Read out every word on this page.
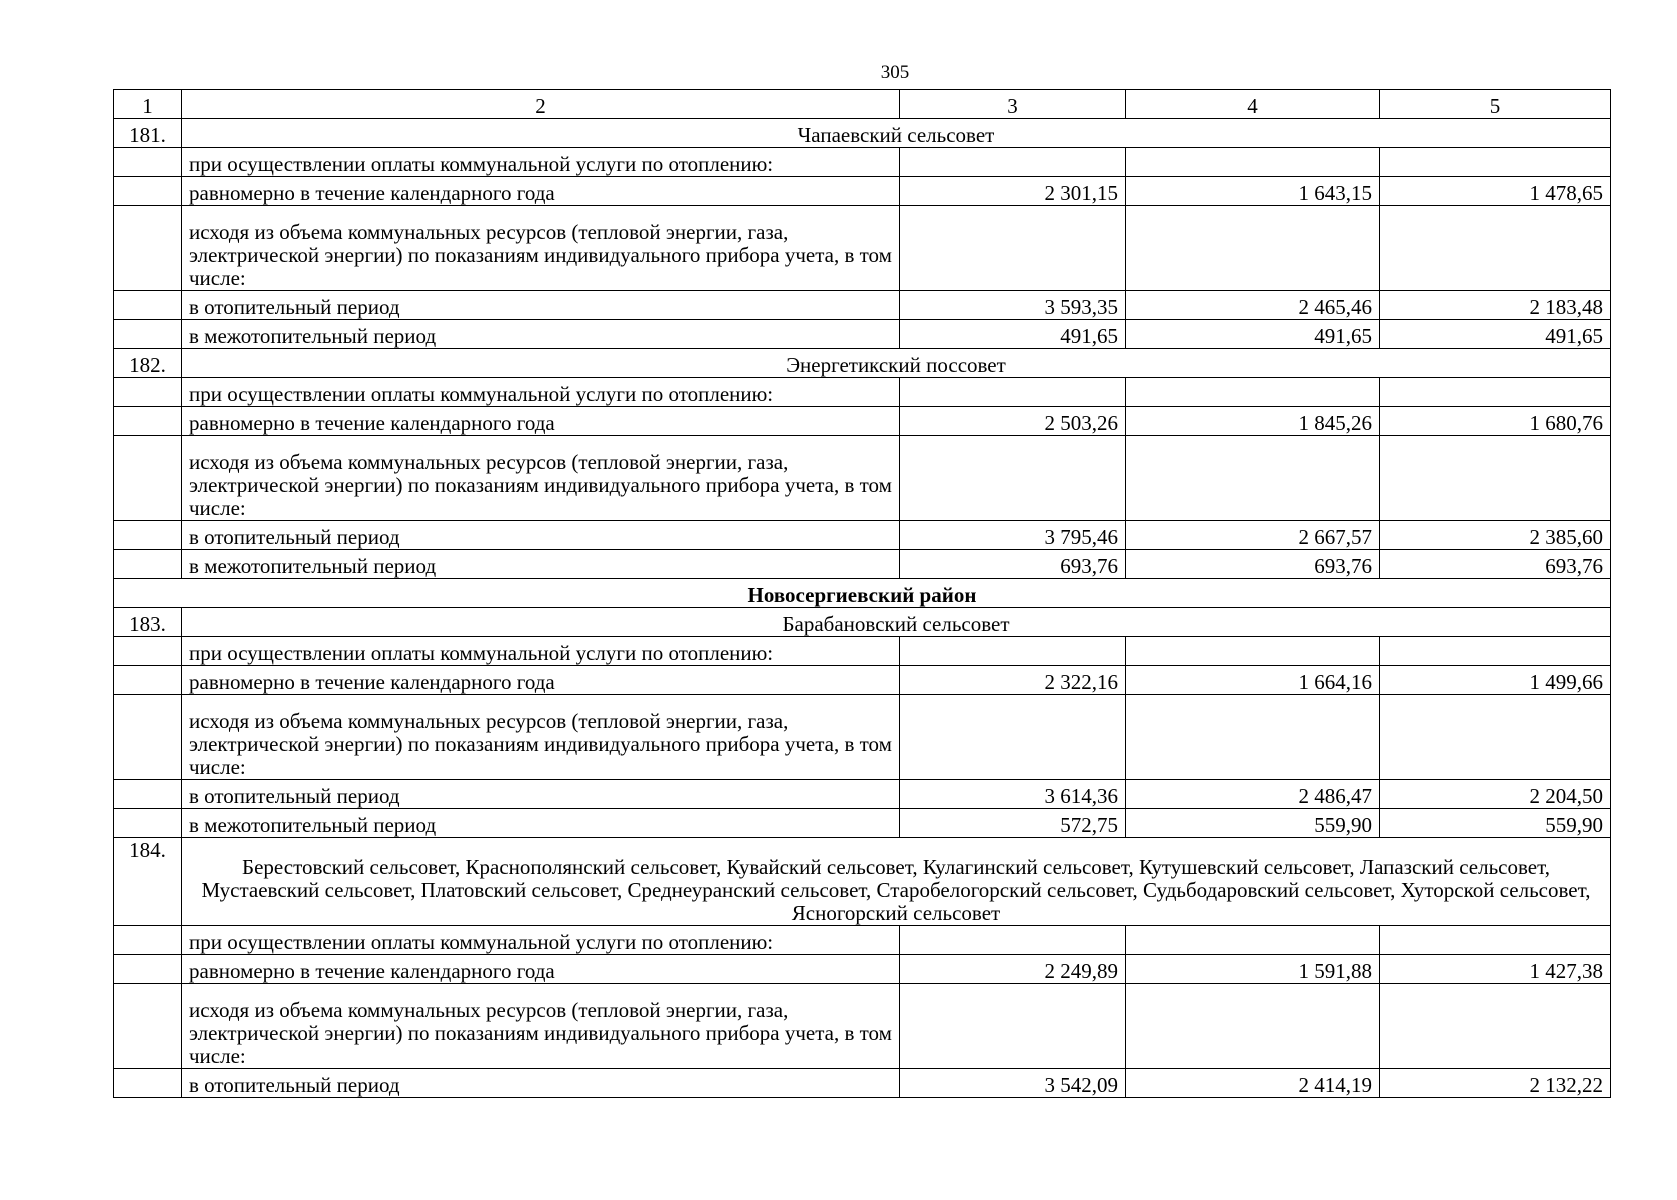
305
1	2	3	4	5
181.	Чапаевский сельсовет			
	при осуществлении оплаты коммунальной услуги по отоплению:			
	равномерно в течение календарного года	2 301,15	1 643,15	1 478,65
	исходя из объема коммунальных ресурсов (тепловой энергии, газа, электрической энергии) по показаниям индивидуального прибора учета, в том числе:			
	в отопительный период	3 593,35	2 465,46	2 183,48
	в межотопительный период	491,65	491,65	491,65
182.	Энергетикский поссовет			
	при осуществлении оплаты коммунальной услуги по отоплению:			
	равномерно в течение календарного года	2 503,26	1 845,26	1 680,76
	исходя из объема коммунальных ресурсов (тепловой энергии, газа, электрической энергии) по показаниям индивидуального прибора учета, в том числе:			
	в отопительный период	3 795,46	2 667,57	2 385,60
	в межотопительный период	693,76	693,76	693,76
Новосергиевский район				
183.	Барабановский сельсовет			
	при осуществлении оплаты коммунальной услуги по отоплению:			
	равномерно в течение календарного года	2 322,16	1 664,16	1 499,66
	исходя из объема коммунальных ресурсов (тепловой энергии, газа, электрической энергии) по показаниям индивидуального прибора учета, в том числе:			
	в отопительный период	3 614,36	2 486,47	2 204,50
	в межотопительный период	572,75	559,90	559,90
184.	Берестовский сельсовет, Краснополянский сельсовет, Кувайский сельсовет, Кулагинский сельсовет, Кутушевский сельсовет, Лапазский сельсовет, Мустаевский сельсовет, Платовский сельсовет, Среднеуранский сельсовет, Старобелогорский сельсовет, Судьбодаровский сельсовет, Хуторской сельсовет, Ясногорский сельсовет			
	при осуществлении оплаты коммунальной услуги по отоплению:			
	равномерно в течение календарного года	2 249,89	1 591,88	1 427,38
	исходя из объема коммунальных ресурсов (тепловой энергии, газа, электрической энергии) по показаниям индивидуального прибора учета, в том числе:			
	в отопительный период	3 542,09	2 414,19	2 132,22
